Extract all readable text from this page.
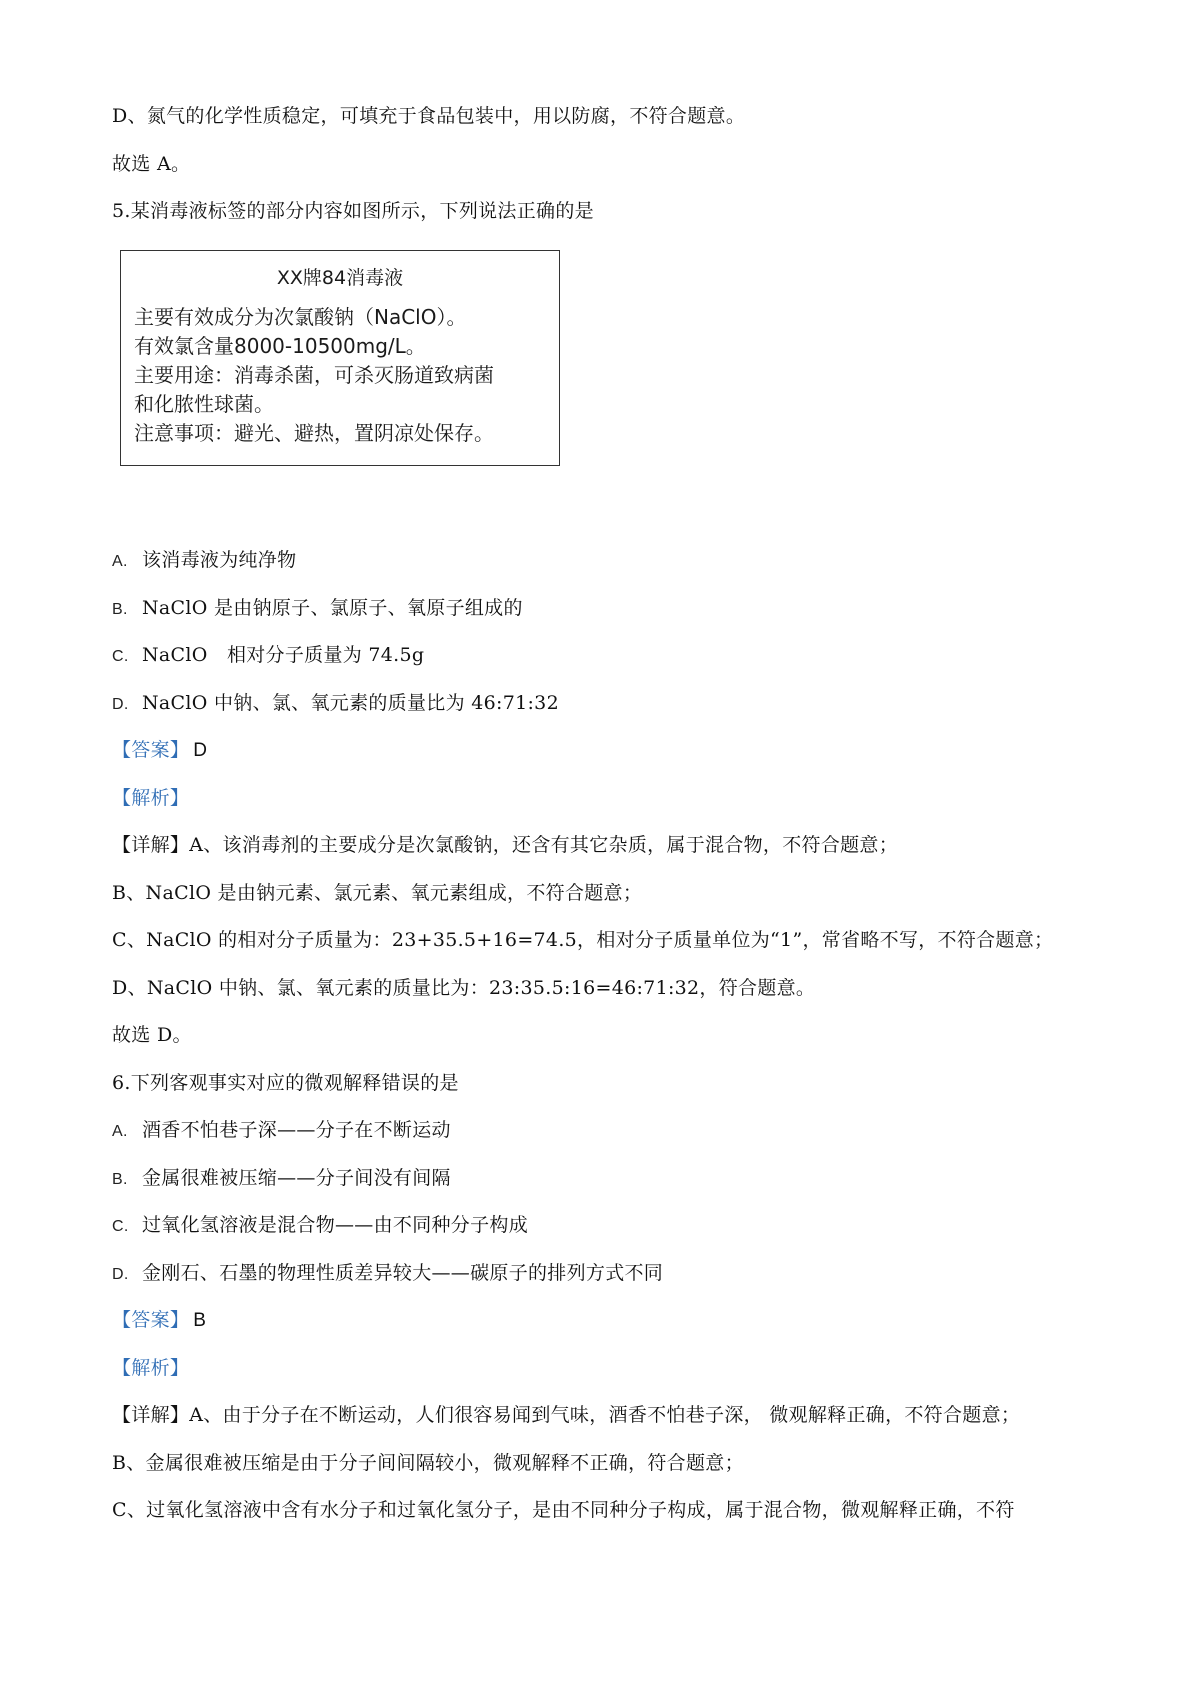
D、氮气的化学性质稳定，可填充于食品包装中，用以防腐，不符合题意。
故选 A。
5.某消毒液标签的部分内容如图所示，下列说法正确的是
XX牌84消毒液
主要有效成分为次氯酸钠（NaClO）。
有效氯含量8000-10500mg/L。
主要用途：消毒杀菌，可杀灭肠道致病菌
和化脓性球菌。
注意事项：避光、避热，置阴凉处保存。
A. 该消毒液为纯净物
B. NaClO 是由钠原子、氯原子、氧原子组成的
C. NaClO　相对分子质量为 74.5g
D. NaClO 中钠、氯、氧元素的质量比为 46:71:32
【答案】 D
【解析】
【详解】A、该消毒剂的主要成分是次氯酸钠，还含有其它杂质，属于混合物，不符合题意；
B、NaClO 是由钠元素、氯元素、氧元素组成，不符合题意；
C、NaClO 的相对分子质量为：23+35.5+16=74.5，相对分子质量单位为“1”，常省略不写，不符合题意；
D、NaClO 中钠、氯、氧元素的质量比为：23:35.5:16=46:71:32，符合题意。
故选 D。
6.下列客观事实对应的微观解释错误的是
A. 酒香不怕巷子深——分子在不断运动
B. 金属很难被压缩——分子间没有间隔
C. 过氧化氢溶液是混合物——由不同种分子构成
D. 金刚石、石墨的物理性质差异较大——碳原子的排列方式不同
【答案】 B
【解析】
【详解】A、由于分子在不断运动，人们很容易闻到气味，酒香不怕巷子深， 微观解释正确，不符合题意；
B、金属很难被压缩是由于分子间间隔较小，微观解释不正确，符合题意；
C、过氧化氢溶液中含有水分子和过氧化氢分子，是由不同种分子构成，属于混合物，微观解释正确，不符
